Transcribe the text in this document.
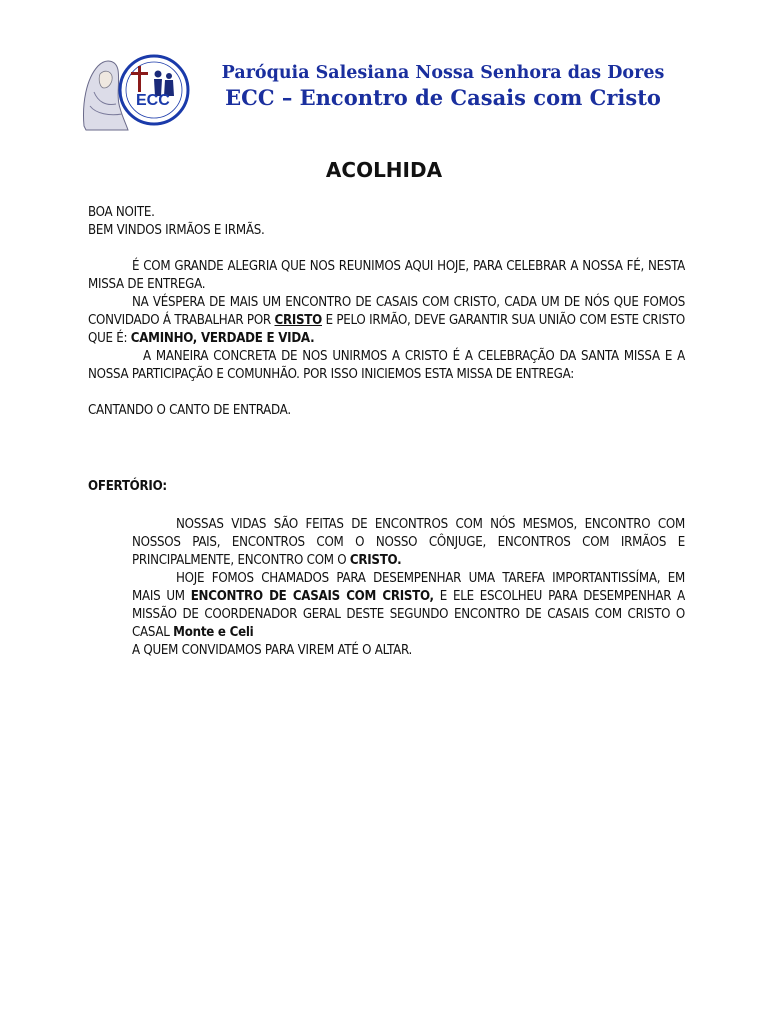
ECC
Paróquia Salesiana Nossa Senhora das Dores
ECC – Encontro de Casais com Cristo
ACOLHIDA

BOA NOITE.

BEM VINDOS IRMÃOS E IRMÃS.

É COM GRANDE ALEGRIA QUE NOS REUNIMOS AQUI HOJE, PARA CELEBRAR A NOSSA FÉ, NESTA MISSA DE ENTREGA.

NA VÉSPERA DE MAIS UM ENCONTRO DE CASAIS COM CRISTO, CADA UM DE NÓS QUE FOMOS CONVIDADO Á TRABALHAR POR CRISTO E PELO IRMÃO, DEVE GARANTIR SUA UNIÃO COM ESTE CRISTO QUE É: CAMINHO, VERDADE E VIDA.

A MANEIRA CONCRETA DE NOS UNIRMOS A CRISTO É A CELEBRAÇÃO DA SANTA MISSA E A NOSSA PARTICIPAÇÃO E COMUNHÃO. POR ISSO INICIEMOS ESTA MISSA DE ENTREGA:

CANTANDO O CANTO DE ENTRADA.

OFERTÓRIO:

NOSSAS VIDAS SÃO FEITAS DE ENCONTROS COM NÓS MESMOS, ENCONTRO COM NOSSOS PAIS, ENCONTROS COM O NOSSO CÔNJUGE, ENCONTROS COM IRMÃOS E PRINCIPALMENTE, ENCONTRO COM O CRISTO.

HOJE FOMOS CHAMADOS PARA DESEMPENHAR UMA TAREFA IMPORTANTISSÍMA, EM MAIS UM ENCONTRO DE CASAIS COM CRISTO, E ELE ESCOLHEU PARA DESEMPENHAR A MISSÃO DE COORDENADOR GERAL DESTE SEGUNDO ENCONTRO DE CASAIS COM CRISTO O CASAL Monte e Celi

A QUEM CONVIDAMOS PARA VIREM ATÉ O ALTAR.
